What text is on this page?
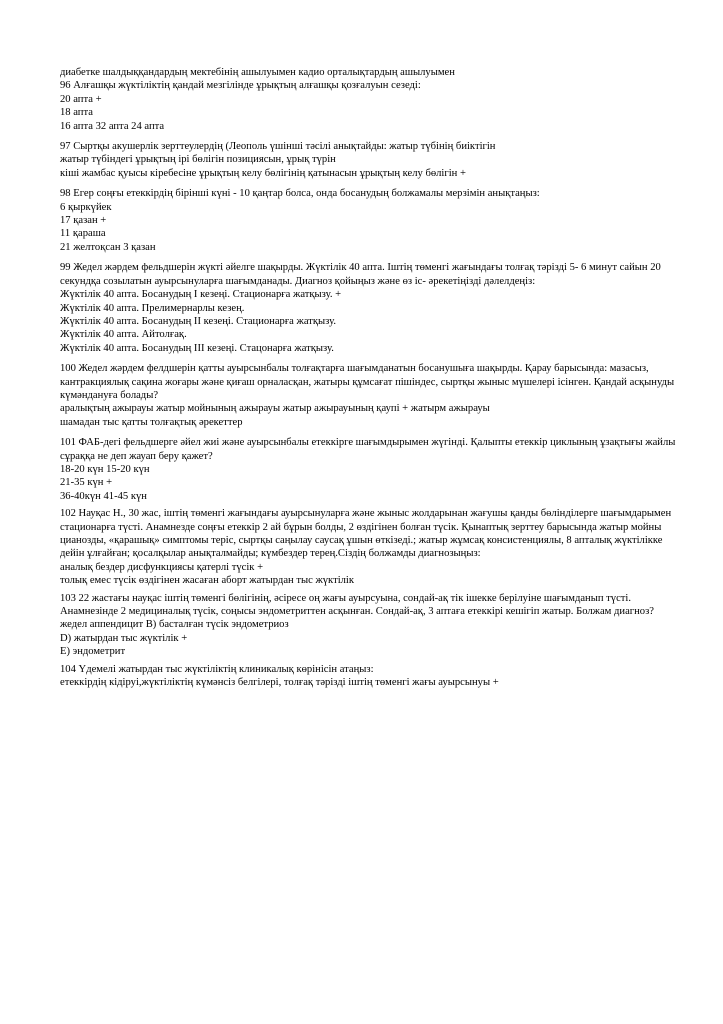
диабетке шалдыққандардың мектебінің ашылуымен кадио орталықтардың ашылуымен
96 Алғашқы жүктіліктің қандай мезгілінде ұрықтың алғашқы қозғалуын сезеді:
20 апта +
18 апта
16 апта 32 апта 24 апта
97 Сыртқы акушерлік зерттеулердің (Леополь үшінші тәсілі анықтайды: жатыр түбінің биіктігін
жатыр түбіндегі ұрықтың ірі бөлігін позициясын, ұрық түрін
кіші жамбас қуысы кіребесіне ұрықтың келу бөлігінің қатынасын ұрықтың келу бөлігін +
98 Егер соңғы етеккірдің бірінші күні - 10 қаңтар болса, онда босанудың болжамалы мерзімін анықтаңыз:
6 қыркүйек
17 қазан +
11 қараша
21 желтоқсан 3 қазан
99 Жедел жәрдем фельдшерін жүкті әйелге шақырды. Жүктілік 40 апта. Іштің төменгі жағындағы толғақ тәрізді 5- 6 минут сайын 20 секундқа созылатын ауырсынуларға шағымданады. Диагноз қойыңыз және өз іс- әрекетіңізді дәлелдеңіз:
Жүктілік 40 апта. Босанудың I кезеңі. Стационарға жатқызу. +
Жүктілік 40 апта. Прелимернарлы кезең.
Жүктілік 40 апта. Босанудың II кезеңі. Стационарға жатқызу.
Жүктілік 40 апта. Айтолғақ.
Жүктілік 40 апта. Босанудың III кезеңі. Стацонарға жатқызу.
100 Жедел жәрдем фелдшерін қатты ауырсынбалы толғақтарға шағымданатын босанушыға шақырды. Қарау барысында: мазасыз, кантракциялық сақина жоғары және қиғаш орналасқан, жатыры құмсағат пішіндес, сыртқы жыныс мүшелері ісінген. Қандай асқынуды күмәндануға болады?
аралықтың ажырауы жатыр мойнының ажырауы жатыр ажырауының қаупі + жатырм ажырауы
шамадан тыс қатты толғақтық әрекеттер
101 ФАБ-дегі фельдшерге әйел жиі және ауырсынбалы етеккірге шағымдырымен жүгінді. Қалыпты етеккір циклының ұзақтығы жайлы сұраққа не деп жауап беру қажет?
18-20 күн 15-20 күн
21-35 күн +
36-40күн 41-45 күн
102 Науқас Н., 30 жас, іштің төменгі жағындағы ауырсынуларға және жыныс жолдарынан жағушы қанды бөлінділерге шағымдарымен стационарға түсті. Анамнезде соңғы етеккір 2 ай бұрын болды, 2 өздігінен болған түсік. Қынаптық зерттеу барысында жатыр мойны цианозды, «қарашық» симптомы теріс, сыртқы саңылау саусақ ұшын өткізеді.; жатыр жұмсақ консистенциялы, 8 апталық жүктілікке дейін ұлғайған; қосалқылар анықталмайды; күмбездер терең.Сіздің болжамды диагнозыңыз:
аналық бездер дисфункциясы қатерлі түсік +
толық емес түсік өздігінен жасаған аборт жатырдан тыс жүктілік
103 22 жастағы науқас іштің төменгі бөлігінің, әсіресе оң жағы ауырсуына, сондай-ақ тік ішекке берілуіне шағымданып түсті. Анамнезінде 2 медициналық түсік, соңысы эндометриттен асқынған. Сондай-ақ, 3 аптаға етеккірі кешігіп жатыр. Болжам диагноз?
жедел аппендицит B) басталған түсік эндометриоз
D) жатырдан тыс жүктілік +
E) эндометрит
104 Үдемелі жатырдан тыс жүктіліктің клиникалық көрінісін атаңыз:
етеккірдің кідіруі,жүктіліктің күмәнсіз белгілері, толғақ тәрізді іштің төменгі жағы ауырсынуы +
